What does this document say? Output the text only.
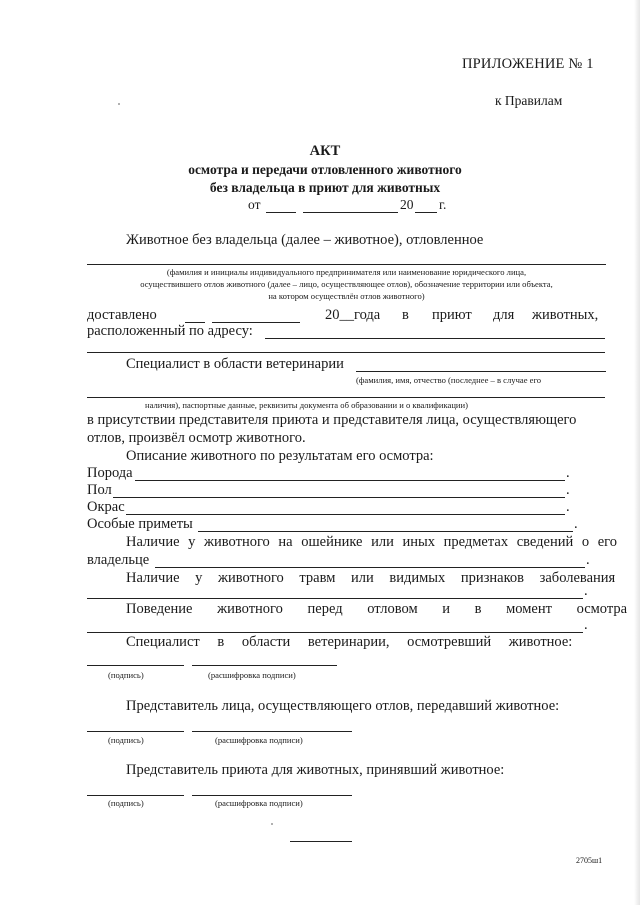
ПРИЛОЖЕНИЕ № 1
к Правилам
АКТ
осмотра и передачи отловленного животного
без владельца в приют для животных
от	20 г.
Животное без владельца (далее – животное), отловленное
(фамилия и инициалы индивидуального предпринимателя или наименование юридического лица,
осуществившего отлов животного (далее – лицо, осуществляющее отлов), обозначение территории или объекта,
на котором осуществлён отлов животного)
доставлено	20__года в приют для животных,
расположенный по адресу:
Специалист в области ветеринарии
(фамилия, имя, отчество (последнее – в случае его
наличия), паспортные данные, реквизиты документа об образовании и о квалификации)
в присутствии представителя приюта и представителя лица, осуществляющего
отлов, произвёл осмотр животного.
Описание животного по результатам его осмотра:
Порода	.
Пол	.
Окрас	.
Особые приметы	.
Наличие у животного на ошейнике или иных предметах сведений о его
владельце	.
Наличие у животного травм или видимых признаков заболевания
.
Поведение животного перед отловом и в момент осмотра
.
Специалист в области ветеринарии, осмотревший животное:
(подпись)	(расшифровка подписи)
Представитель лица, осуществляющего отлов, передавший животное:
(подпись)	(расшифровка подписи)
Представитель приюта для животных, принявший животное:
(подпись)	(расшифровка подписи)
2705ш1
